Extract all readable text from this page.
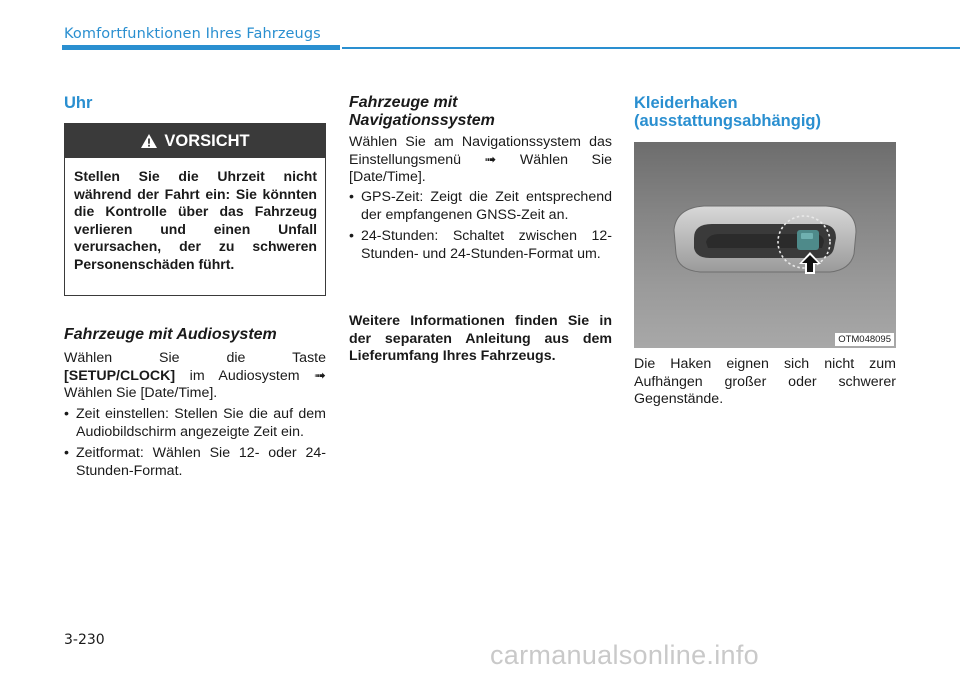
Komfortfunktionen Ihres Fahrzeugs
Uhr
VORSICHT
Stellen Sie die Uhrzeit nicht während der Fahrt ein: Sie könnten die Kontrolle über das Fahrzeug verlieren und einen Unfall verursachen, der zu schweren Personenschäden führt.
Fahrzeuge mit Audiosystem
Wählen Sie die Taste
[SETUP/CLOCK] im Audiosystem ➟
Wählen Sie [Date/Time].
• Zeit einstellen: Stellen Sie die auf dem Audiobildschirm angezeigte Zeit ein.
• Zeitformat: Wählen Sie 12- oder 24-Stunden-Format.
Fahrzeuge mit
Navigationssystem
Wählen Sie am Navigationssystem das Einstellungsmenü ➟ Wählen Sie [Date/Time].
• GPS-Zeit: Zeigt die Zeit entsprechend der empfangenen GNSS-Zeit an.
• 24-Stunden: Schaltet zwischen 12-Stunden- und 24-Stunden-Format um.
Weitere Informationen finden Sie in der separaten Anleitung aus dem Lieferumfang Ihres Fahrzeugs.
Kleiderhaken
(ausstattungsabhängig)
OTM048095
Die Haken eignen sich nicht zum Aufhängen großer oder schwerer Gegenstände.
3-230	carmanualsonline.info
